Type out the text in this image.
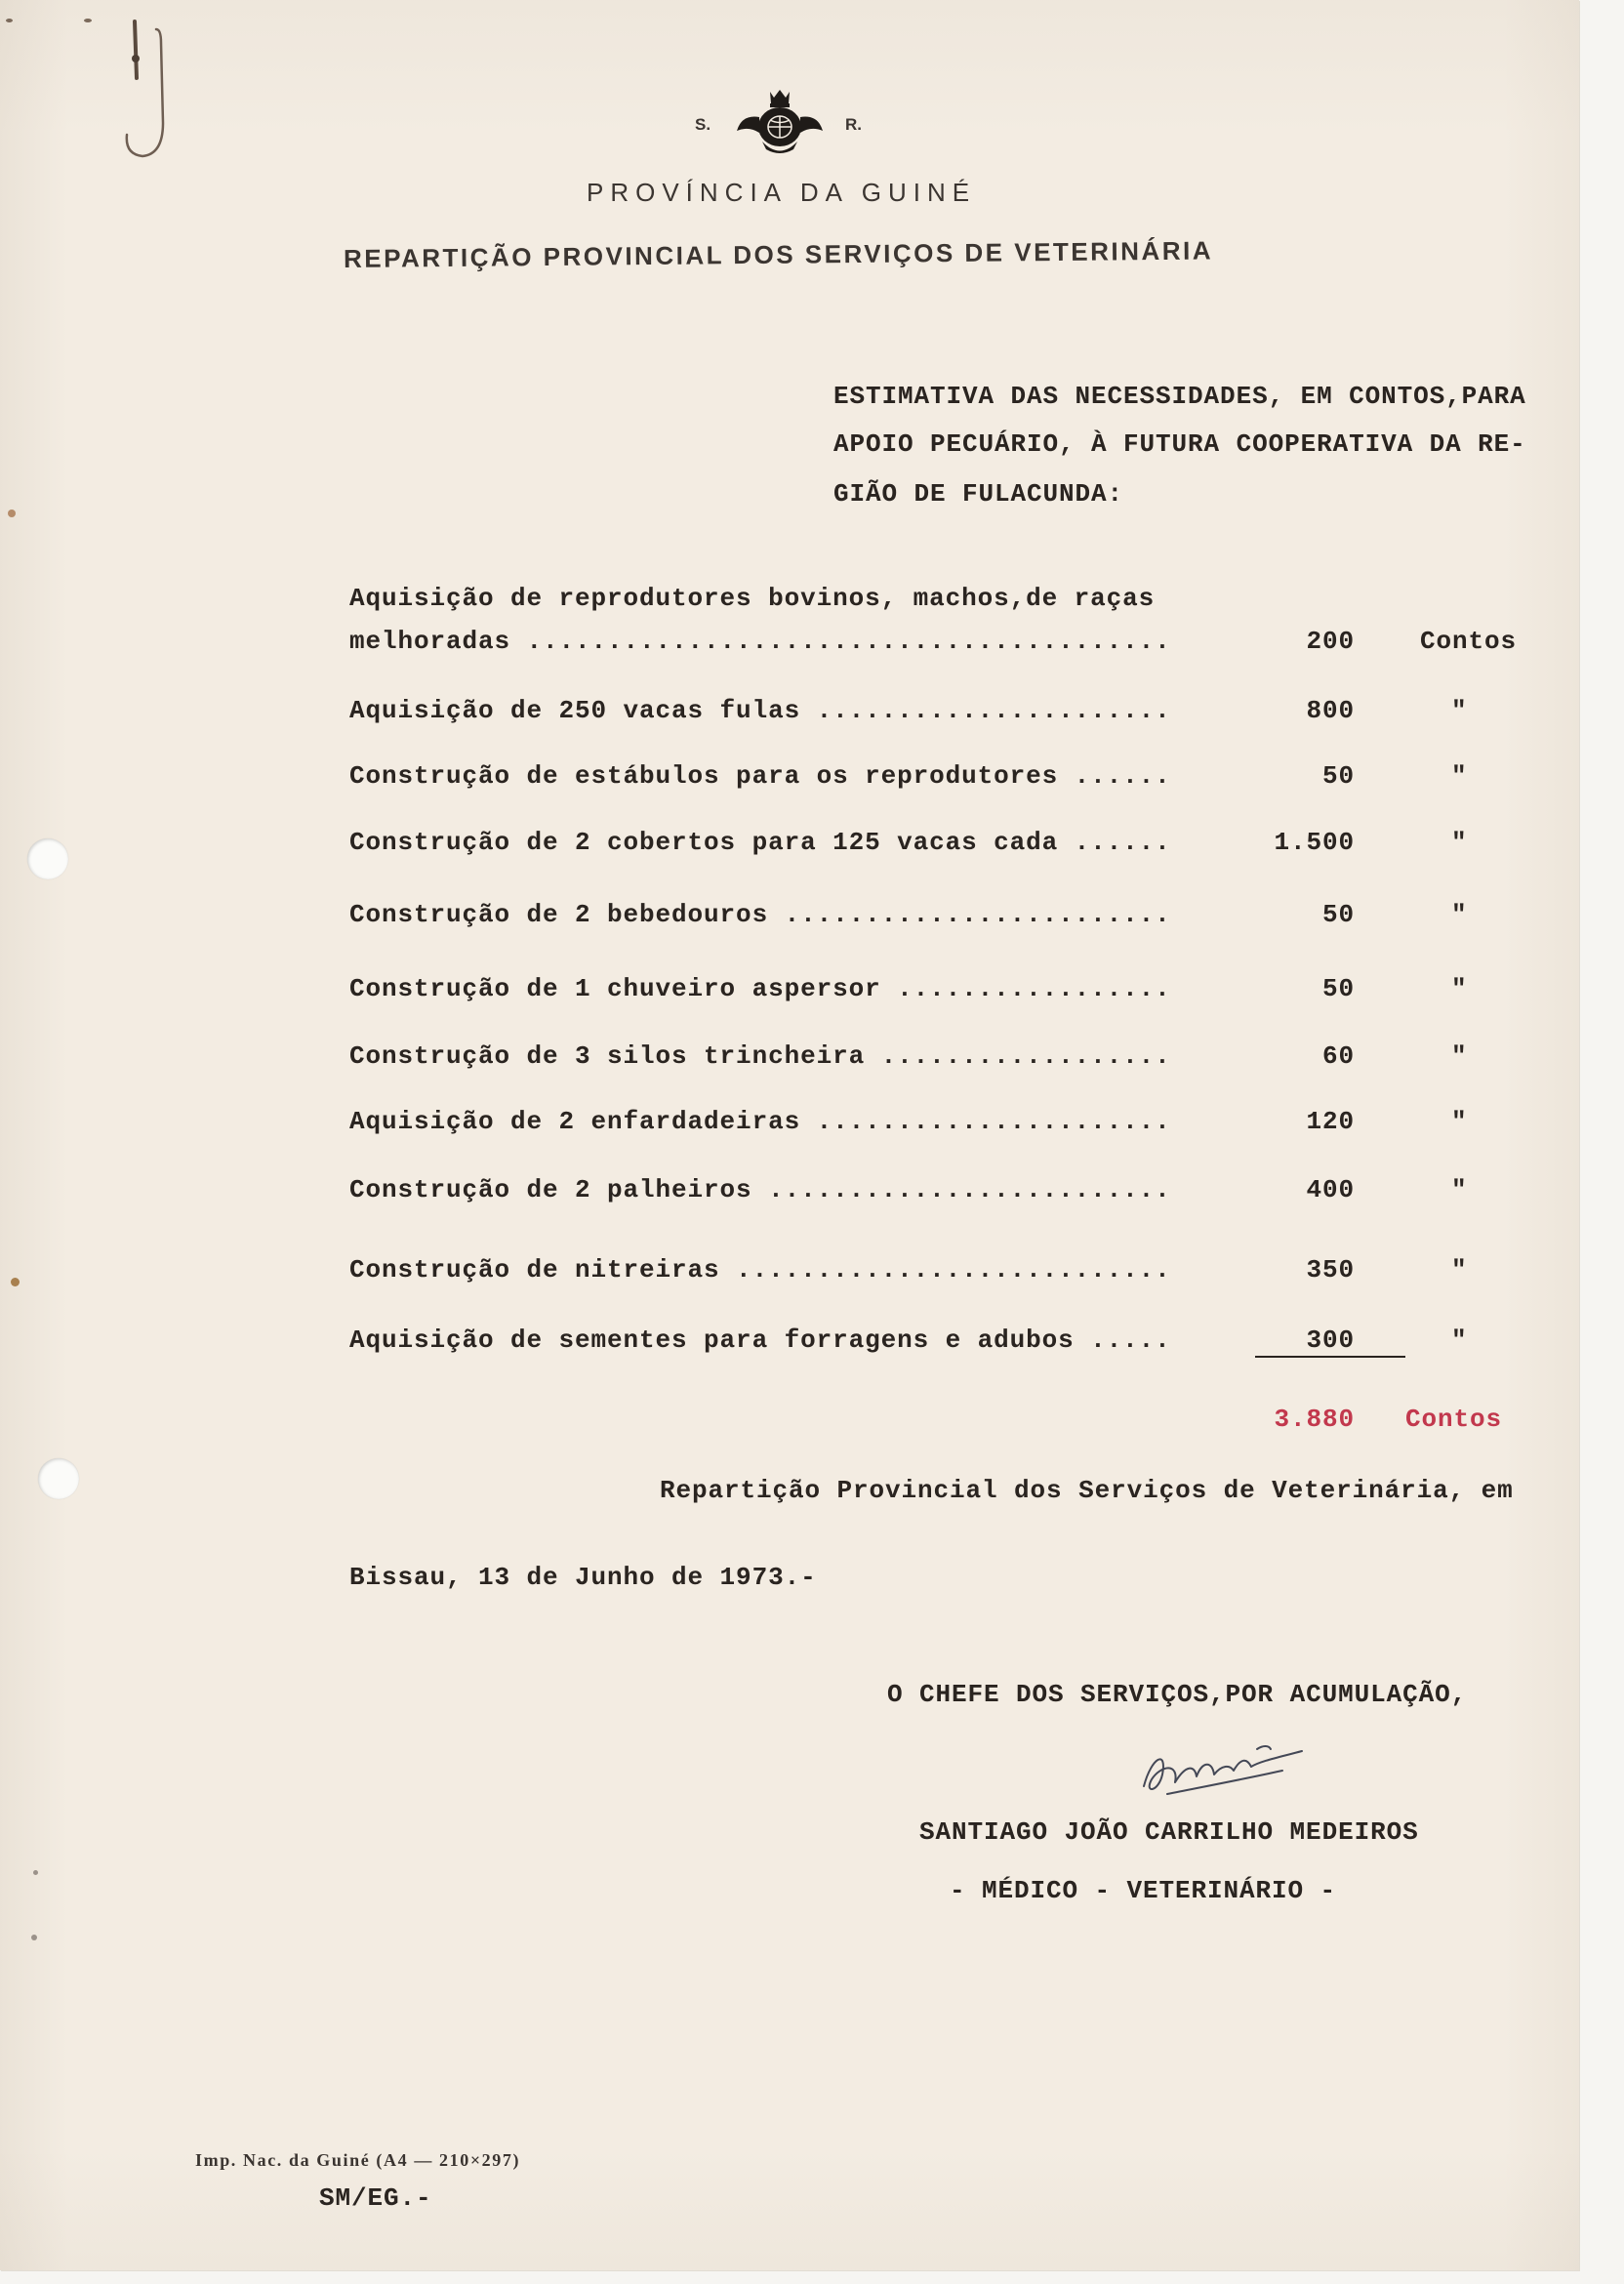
S.	R.
PROVÍNCIA DA GUINÉ
REPARTIÇÃO PROVINCIAL DOS SERVIÇOS DE VETERINÁRIA
ESTIMATIVA DAS NECESSIDADES, EM CONTOS,PARA
APOIO PECUÁRIO, À FUTURA COOPERATIVA DA RE-
GIÃO DE FULACUNDA:
Aquisição de reprodutores bovinos, machos,de raças
melhoradas ........................................	200	Contos
Aquisição de 250 vacas fulas ......................	800	"
Construção de estábulos para os reprodutores ......	50	"
Construção de 2 cobertos para 125 vacas cada ......	1.500	"
Construção de 2 bebedouros ........................	50	"
Construção de 1 chuveiro aspersor .................	50	"
Construção de 3 silos trincheira ..................	60	"
Aquisição de 2 enfardadeiras ......................	120	"
Construção de 2 palheiros .........................	400	"
Construção de nitreiras ...........................	350	"
Aquisição de sementes para forragens e adubos .....	300	"
3.880 Contos
Repartição Provincial dos Serviços de Veterinária, em
Bissau, 13 de Junho de 1973.-
O CHEFE DOS SERVIÇOS,POR ACUMULAÇÃO,
SANTIAGO JOÃO CARRILHO MEDEIROS
- MÉDICO - VETERINÁRIO -
Imp. Nac. da Guiné (A4 — 210×297)
SM/EG.-
